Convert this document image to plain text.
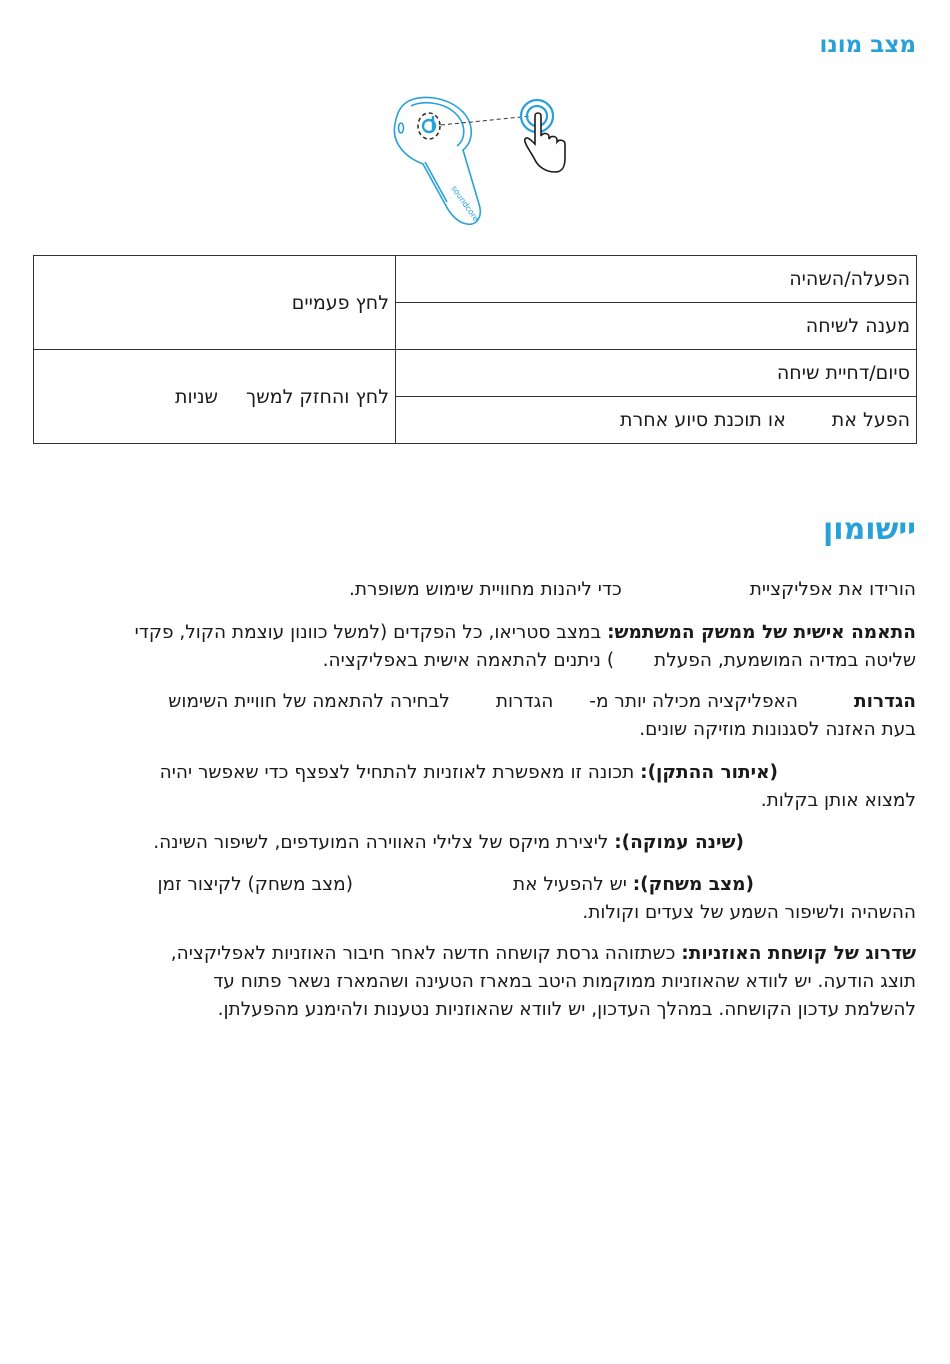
מצב מונו
soundcore
הפעלה/השהיה	לחץ פעמיים
מענה לשיחה	
סיום/דחיית שיחה	לחץ והחזק למשךשניות
הפעל אתאו תוכנת סיוע אחרת	
יישומון

הורידו את אפליקצייתכדי ליהנות מחוויית שימוש משופרת.

התאמה אישית של ממשק המשתמש: במצב סטריאו, כל הפקדים (למשל כוונון עוצמת הקול, פקדי
שליטה במדיה המושמעת, הפעלת) ניתנים להתאמה אישית באפליקציה.

הגדרותהאפליקציה מכילה יותר מ-הגדרותלבחירה להתאמה של חוויית השימוש
בעת האזנה לסגנונות מוזיקה שונים.

(איתור ההתקן): תכונה זו מאפשרת לאוזניות להתחיל לצפצף כדי שאפשר יהיה
למצוא אותן בקלות.

(שינה עמוקה): ליצירת מיקס של צלילי האווירה המועדפים, לשיפור השינה.

(מצב משחק): יש להפעיל את(מצב משחק) לקיצור זמן
ההשהיה ולשיפור השמע של צעדים וקולות.

שדרוג של קושחת האוזניות: כשתזוהה גרסת קושחה חדשה לאחר חיבור האוזניות לאפליקציה,
תוצג הודעה. יש לוודא שהאוזניות ממוקמות היטב במארז הטעינה ושהמארז נשאר פתוח עד
להשלמת עדכון הקושחה. במהלך העדכון, יש לוודא שהאוזניות נטענות ולהימנע מהפעלתן.
